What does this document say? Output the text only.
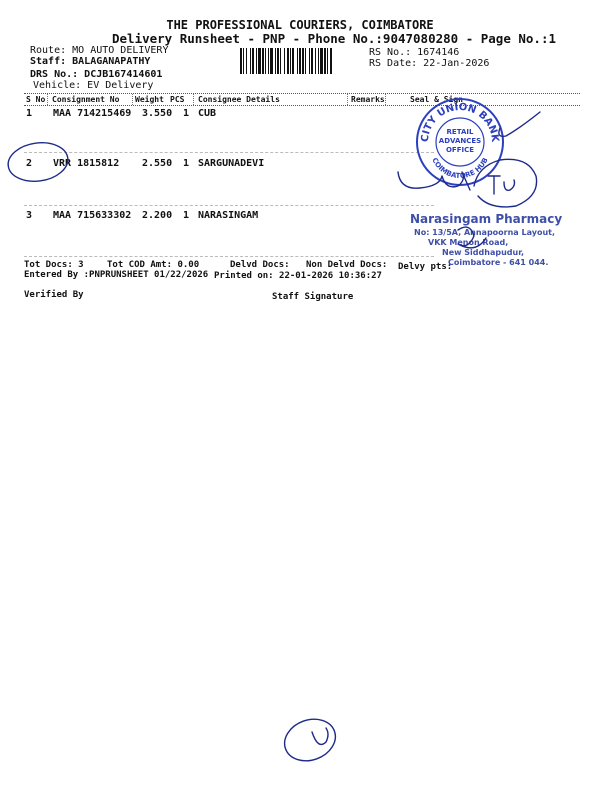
THE PROFESSIONAL COURIERS, COIMBATORE
Delivery Runsheet - PNP - Phone No.:9047080280 - Page No.:1
Route: MO AUTO DELIVERY
Staff: BALAGANAPATHY
DRS No.: DCJB167414601
Vehicle: EV Delivery
RS No.: 1674146
RS Date: 22-Jan-2026
S No Consignment No Weight PCS Consignee Details	Remarks	Seal & Sign
1 MAA 714215469 3.550 1 CUB
2 VRR 1815812 2.550 1 SARGUNADEVI
3 MAA 715633302 2.200 1 NARASINGAM
Tot Docs: 3	Tot COD Amt: 0.00	Delvd Docs: Non Delvd Docs: Delvy pts:
Entered By :PNPRUNSHEET 01/22/2026 Printed on: 22-01-2026 10:36:27
Verified By	Staff Signature
CITY UNION BANK
COIMBATORE HUB
RETAIL
ADVANCES
OFFICE
Narasingam Pharmacy
No: 13/5A, Annapoorna Layout,
VKK Menon Road,
New Siddhapudur,
Coimbatore - 641 044.
